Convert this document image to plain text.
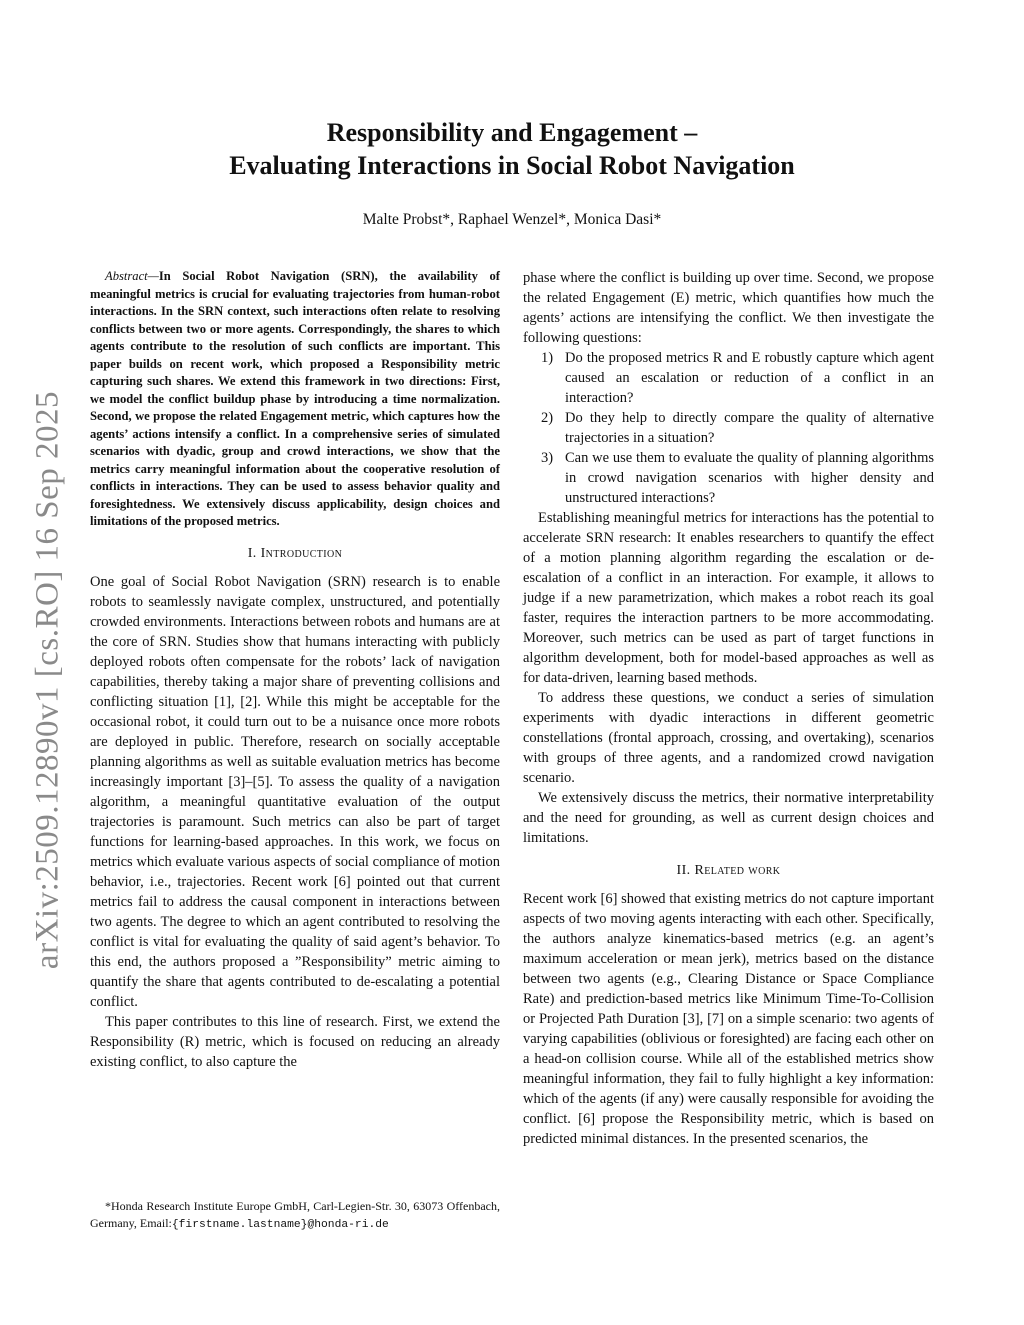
arXiv:2509.12890v1 [cs.RO] 16 Sep 2025
Responsibility and Engagement –
Evaluating Interactions in Social Robot Navigation
Malte Probst*, Raphael Wenzel*, Monica Dasi*

Abstract—In Social Robot Navigation (SRN), the availability of meaningful metrics is crucial for evaluating trajectories from human-robot interactions. In the SRN context, such interactions often relate to resolving conflicts between two or more agents. Correspondingly, the shares to which agents contribute to the resolution of such conflicts are important. This paper builds on recent work, which proposed a Responsibility metric capturing such shares. We extend this framework in two directions: First, we model the conflict buildup phase by introducing a time normalization. Second, we propose the related Engagement metric, which captures how the agents’ actions intensify a conflict. In a comprehensive series of simulated scenarios with dyadic, group and crowd interactions, we show that the metrics carry meaningful information about the cooperative resolution of conflicts in interactions. They can be used to assess behavior quality and foresightedness. We extensively discuss applicability, design choices and limitations of the proposed metrics.

I. Introduction

One goal of Social Robot Navigation (SRN) research is to enable robots to seamlessly navigate complex, unstructured, and potentially crowded environments. Interactions between robots and humans are at the core of SRN. Studies show that humans interacting with publicly deployed robots often compensate for the robots’ lack of navigation capabilities, thereby taking a major share of preventing collisions and conflicting situation [1], [2]. While this might be acceptable for the occasional robot, it could turn out to be a nuisance once more robots are deployed in public. Therefore, research on socially acceptable planning algorithms as well as suitable evaluation metrics has become increasingly important [3]–[5]. To assess the quality of a navigation algorithm, a meaningful quantitative evaluation of the output trajectories is paramount. Such metrics can also be part of target functions for learning-based approaches. In this work, we focus on metrics which evaluate various aspects of social compliance of motion behavior, i.e., trajectories. Recent work [6] pointed out that current metrics fail to address the causal component in interactions between two agents. The degree to which an agent contributed to resolving the conflict is vital for evaluating the quality of said agent’s behavior. To this end, the authors proposed a ”Responsibility” metric aiming to quantify the share that agents contributed to de-escalating a potential conflict.

This paper contributes to this line of research. First, we extend the Responsibility (R) metric, which is focused on reducing an already existing conflict, to also capture the

phase where the conflict is building up over time. Second, we propose the related Engagement (E) metric, which quantifies how much the agents’ actions are intensifying the conflict. We then investigate the following questions:

1) Do the proposed metrics R and E robustly capture which agent caused an escalation or reduction of a conflict in an interaction?
2) Do they help to directly compare the quality of alternative trajectories in a situation?
3) Can we use them to evaluate the quality of planning algorithms in crowd navigation scenarios with higher density and unstructured interactions?

Establishing meaningful metrics for interactions has the potential to accelerate SRN research: It enables researchers to quantify the effect of a motion planning algorithm regarding the escalation or de-escalation of a conflict in an interaction. For example, it allows to judge if a new parametrization, which makes a robot reach its goal faster, requires the interaction partners to be more accommodating. Moreover, such metrics can be used as part of target functions in algorithm development, both for model-based approaches as well as for data-driven, learning based methods.

To address these questions, we conduct a series of simulation experiments with dyadic interactions in different geometric constellations (frontal approach, crossing, and overtaking), scenarios with groups of three agents, and a randomized crowd navigation scenario.

We extensively discuss the metrics, their normative interpretability and the need for grounding, as well as current design choices and limitations.

II. Related work

Recent work [6] showed that existing metrics do not capture important aspects of two moving agents interacting with each other. Specifically, the authors analyze kinematics-based metrics (e.g. an agent’s maximum acceleration or mean jerk), metrics based on the distance between two agents (e.g., Clearing Distance or Space Compliance Rate) and prediction-based metrics like Minimum Time-To-Collision or Projected Path Duration [3], [7] on a simple scenario: two agents of varying capabilities (oblivious or foresighted) are facing each other on a head-on collision course. While all of the established metrics show meaningful information, they fail to fully highlight a key information: which of the agents (if any) were causally responsible for avoiding the conflict. [6] propose the Responsibility metric, which is based on predicted minimal distances. In the presented scenarios, the

*Honda Research Institute Europe GmbH, Carl-Legien-Str. 30, 63073 Offenbach, Germany, Email:{firstname.lastname}@honda-ri.de
